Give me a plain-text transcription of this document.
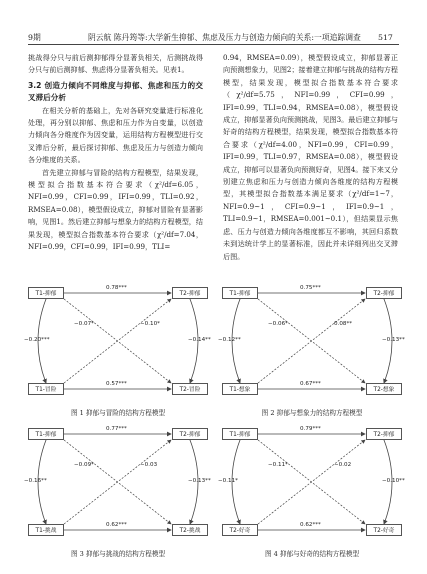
9期	阴云航 陈丹筠等:大学新生抑郁、焦虑及压力与创造力倾向的关系:一项追踪调查 517

挑战得分只与前后测抑郁得分显著负相关，后测挑战得分只与前后测抑郁、焦虑得分显著负相关。见表1。

3.2 创造力倾向不同维度与抑郁、焦虑和压力的交叉滞后分析

在相关分析的基础上，先对各研究变量进行标准化处理，再分别以抑郁、焦虑和压力作为自变量，以创造力倾向各分维度作为因变量，运用结构方程模型进行交叉滞后分析，最后探讨抑郁、焦虑及压力与创造力倾向各分维度的关系。

首先建立抑郁与冒险的结构方程模型，结果发现，模型拟合指数基本符合要求（χ²/df=6.05，NFI=0.99，CFI=0.99，IFI=0.99，TLI=0.92，RMSEA=0.08），模型假设成立，抑郁对冒险有显著影响，见图1。然后建立抑郁与想象力的结构方程模型，结果发现，模型拟合指数基本符合要求（χ²/df=7.04，NFI=0.99，CFI=0.99，IFI=0.99，TLI=

0.94，RMSEA=0.09），模型假设成立，抑郁显著正向预测想象力，见图2；接着建立抑郁与挑战的结构方程模型，结果发现，模型拟合指数基本符合要求（χ²/df=5.75，NFI=0.99，CFI=0.99，IFI=0.99，TLI=0.94，RMSEA=0.08），模型假设成立，抑郁显著负向预测挑战，见图3。最后建立抑郁与好奇的结构方程模型，结果发现，模型拟合指数基本符合要求（χ²/df=4.00，NFI=0.99，CFI=0.99，IFI=0.99，TLI=0.97，RMSEA=0.08），模型假设成立，抑郁可以显著负向预测好奇，见图4。接下来又分别建立焦虑和压力与创造力倾向各维度的结构方程模型，其模型拟合指数基本满足要求（χ²/df=1~7，NFI=0.9~1，CFI=0.9~1，IFI=0.9~1，TLI=0.9~1，RMSEA=0.001~0.1），但结果显示焦虑、压力与创造力倾向各维度都互不影响，其回归系数未到达统计学上的显著标准，因此并未详细列出交叉滞后图。

T1-抑郁	T2-抑郁
T1-冒险	T2-冒险
0.78***
0.57***
−0.20***	−0.14**
−0.07*	−0.10*
图 1 抑郁与冒险的结构方程模型
T1-抑郁	T2-抑郁
T1-想象	T2-想象
0.75***
0.67***
−0.12**	−0.13**
−0.06*	0.08**
图 2 抑郁与想象力的结构方程模型
T1-抑郁	T2-抑郁
T1-挑战	T2-挑战
0.77***
0.62***
−0.16**	−0.13**
−0.09*	−0.03
图 3 抑郁与挑战的结构方程模型
T1-抑郁	T2-抑郁
T2-好奇	T2-好奇
0.79***
0.62***
−0.11*	−0.10**
−0.11*	−0.02
图 4 抑郁与好奇的结构方程模型
